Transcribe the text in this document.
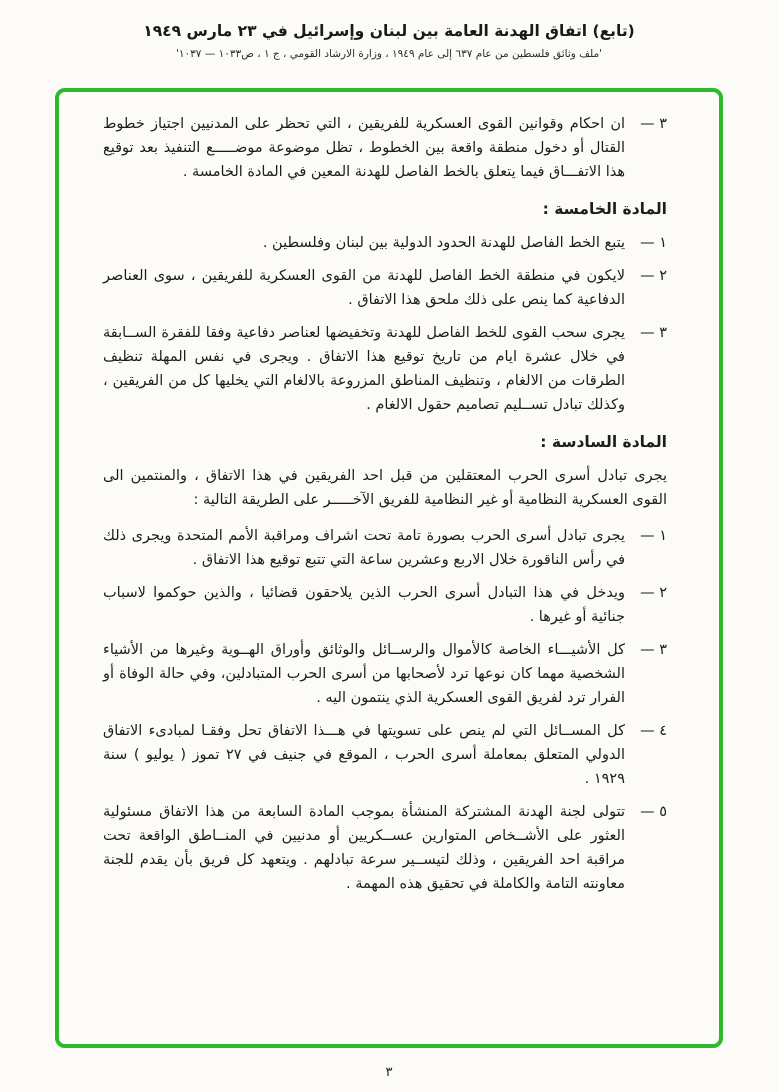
(تابع) اتفاق الهدنة العامة بين لبنان وإسرائيل في ٢٣ مارس ١٩٤٩
'ملف وثائق فلسطين من عام ٦٣٧ إلى عام ١٩٤٩ ، وزارة الارشاد القومي ، ج ١ ، ص١٠٣٣ — ١٠٣٧'
٣ —

ان احكام وقوانين القوى العسكرية للفريقين ، التي تحظر على المدنيين اجتياز خطوط القتال أو دخول منطقة واقعة بين الخطوط ، تظل موضوعة موضـــــع التنفيذ بعد توقيع هذا الاتفـــاق فيما يتعلق بالخط الفاصل للهدنة المعين في المادة الخامسة .

المادة الخامسة :
١ —

يتبع الخط الفاصل للهدنة الحدود الدولية بين لبنان وفلسطين .

٢ —

لايكون في منطقة الخط الفاصل للهدنة من القوى العسكرية للفريقين ، سوى العناصر الدفاعية كما ينص على ذلك ملحق هذا الاتفاق .

٣ —

يجرى سحب القوى للخط الفاصل للهدنة وتخفيضها لعناصر دفاعية وفقا للفقرة الســابقة في خلال عشرة ايام من تاريخ توقيع هذا الاتفاق . ويجرى في نفس المهلة تنظيف الطرقات من الالغام ، وتنظيف المناطق المزروعة بالالغام التي يخليها كل من الفريقين ، وكذلك تبادل تســليم تصاميم حقول الالغام .

المادة السادسة :

يجرى تبادل أسرى الحرب المعتقلين من قبل احد الفريقين في هذا الاتفاق ، والمنتمين الى القوى العسكرية النظامية أو غير النظامية للفريق الآخـــــر على الطريقة التالية :

١ —

يجرى تبادل أسرى الحرب بصورة تامة تحت اشراف ومراقبة الأمم المتحدة ويجرى ذلك في رأس الناقورة خلال الاربع وعشرين ساعة التي تتبع توقيع هذا الاتفاق .

٢ —

ويدخل في هذا التبادل أسرى الحرب الذين يلاحقون قضائيا ، والذين حوكموا لاسباب جنائية أو غيرها .

٣ —

كل الأشيـــاء الخاصة كالأموال والرســائل والوثائق وأوراق الهــوية وغيرها من الأشياء الشخصية مهما كان نوعها ترد لأصحابها من أسرى الحرب المتبادلين، وفي حالة الوفاة أو الفرار ترد لفريق القوى العسكرية الذي ينتمون اليه .

٤ —

كل المســائل التي لم ينص على تسويتها في هـــذا الاتفاق تحل وفقـا لمبادىء الاتفاق الدولي المتعلق بمعاملة أسرى الحرب ، الموقع في جنيف في ٢٧ تموز ( يوليو ) سنة ١٩٢٩ .

٥ —

تتولى لجنة الهدنة المشتركة المنشأة بموجب المادة السابعة من هذا الاتفاق مسئولية العثور على الأشــخاص المتوارين عســكريين أو مدنيين في المنــاطق الواقعة تحت مراقبة احد الفريقين ، وذلك لتيســير سرعة تبادلهم . ويتعهد كل فريق بأن يقدم للجنة معاونته التامة والكاملة في تحقيق هذه المهمة .

٣
